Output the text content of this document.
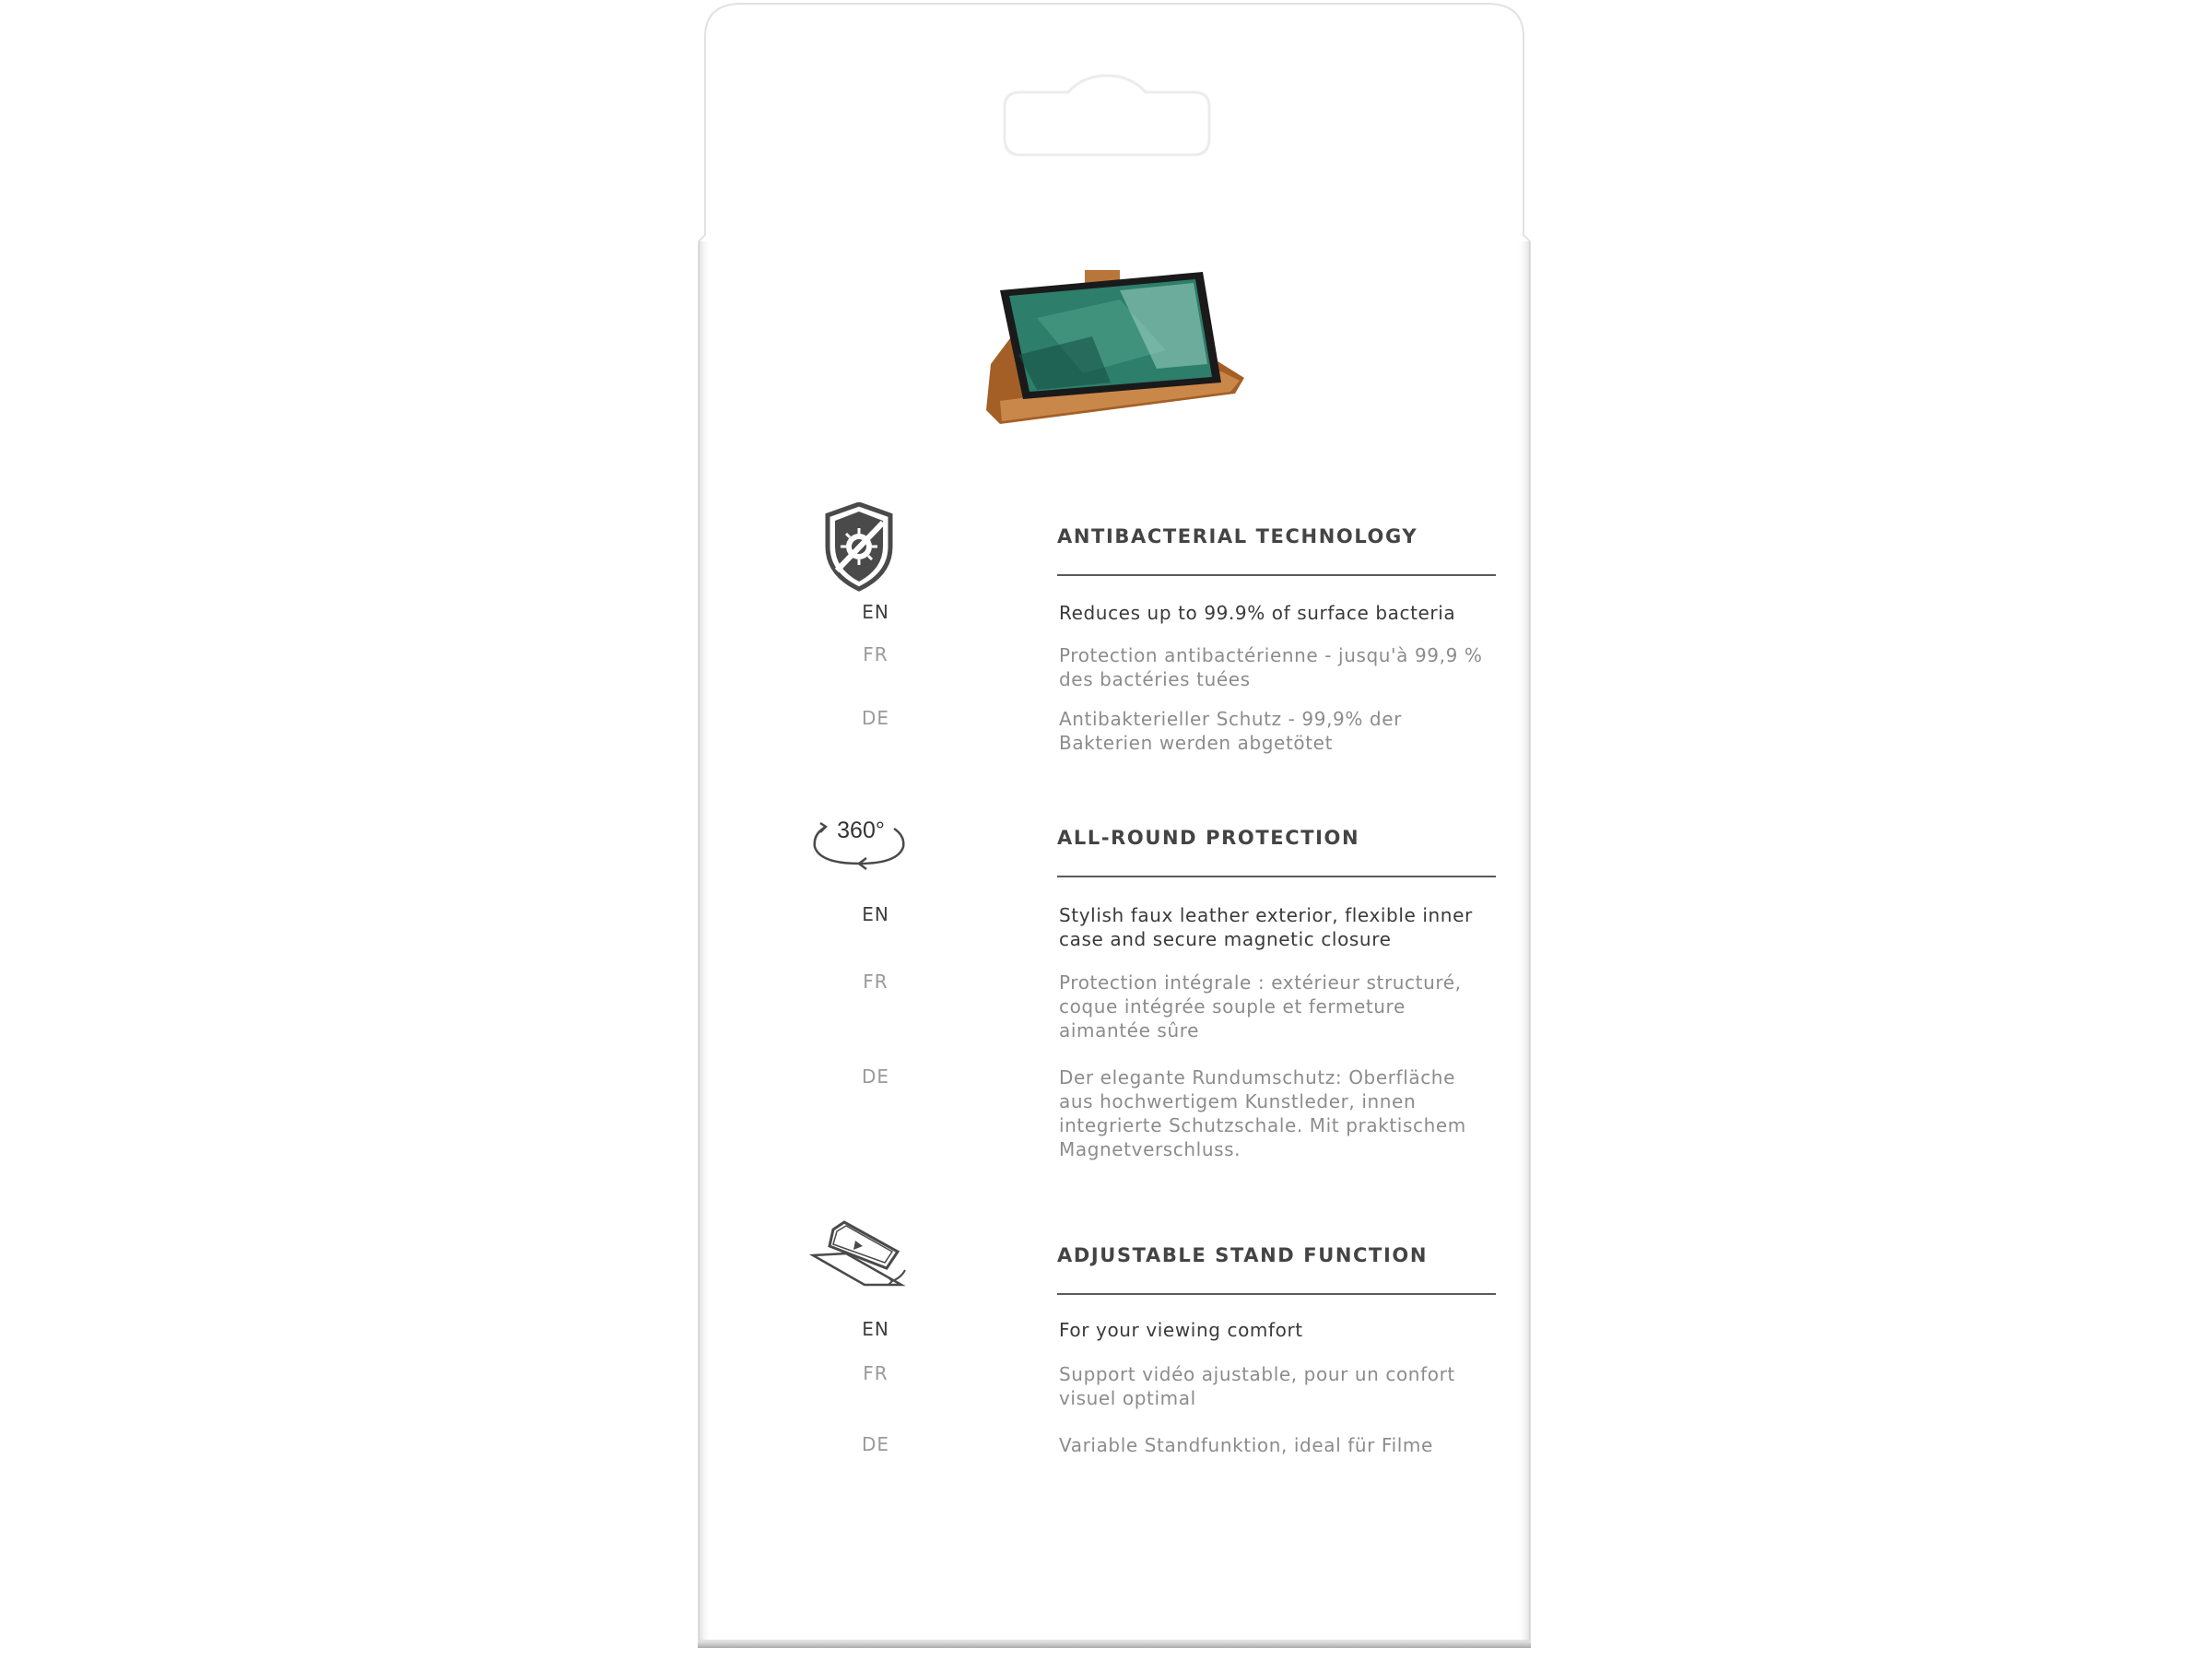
ANTIBACTERIAL TECHNOLOGY
EN	Reduces up to 99.9% of surface bacteria
FR	Protection antibactérienne - jusqu'à 99,9 % des bactéries tuées
DE	Antibakterieller Schutz - 99,9% der Bakterien werden abgetötet
360°	ALL-ROUND PROTECTION
EN	Stylish faux leather exterior, flexible inner case and secure magnetic closure
FR	Protection intégrale : extérieur structuré, coque intégrée souple et fermeture aimantée sûre
DE	Der elegante Rundumschutz: Oberfläche aus hochwertigem Kunstleder, innen integrierte Schutzschale. Mit praktischem Magnetverschluss.
ADJUSTABLE STAND FUNCTION
EN	For your viewing comfort
FR	Support vidéo ajustable, pour un confort visuel optimal
DE	Variable Standfunktion, ideal für Filme
